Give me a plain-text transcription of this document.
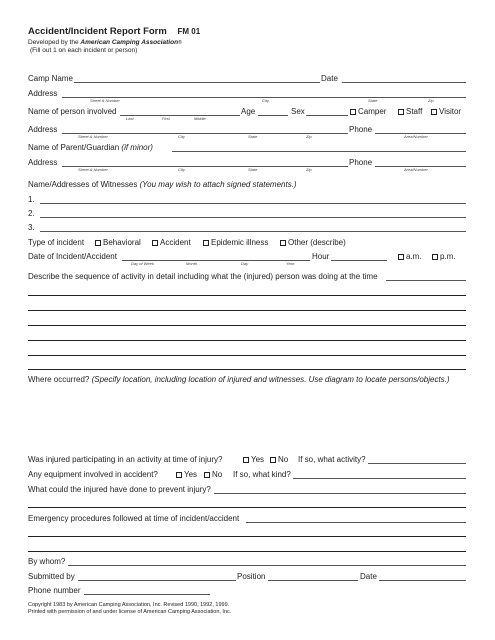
Accident/Incident Report Form FM 01
Developed by the American Camping Association®
(Fill out 1 on each incident or person)
Camp Name	Date
Address
Street & Number	City	State	Zip
Name of person involved	Age	Sex	Camper	Staff	Visitor
Last	First	Middle
Address	Phone
Street & Number	City	State	Zip	Area/Number
Name of Parent/Guardian (if minor)
Address	Phone
Street & Number	City	State	Zip	Area/Number
Name/Addresses of Witnesses (You may wish to attach signed statements.)
1.
2.
3.
Type of incident	Behavioral	Accident	Epidemic illness	Other (describe)
Date of Incident/Accident	Hour	a.m.	p.m.
Day of Week	Month	Day	Year
Describe the sequence of activity in detail including what the (injured) person was doing at the time
Where occurred? (Specify location, including location of injured and witnesses. Use diagram to locate persons/objects.)
Was injured participating in an activity at time of injury?	Yes	No If so, what activity?
Any equipment involved in accident?	Yes	No If so, what kind?
What could the injured have done to prevent injury?
Emergency procedures followed at time of incident/accident
By whom?
Submitted by	Position	Date
Phone number
Copyright 1983 by American Camping Association, Inc. Revised 1990, 1992, 1999.
Printed with permission of and under license of American Camping Association, Inc.
